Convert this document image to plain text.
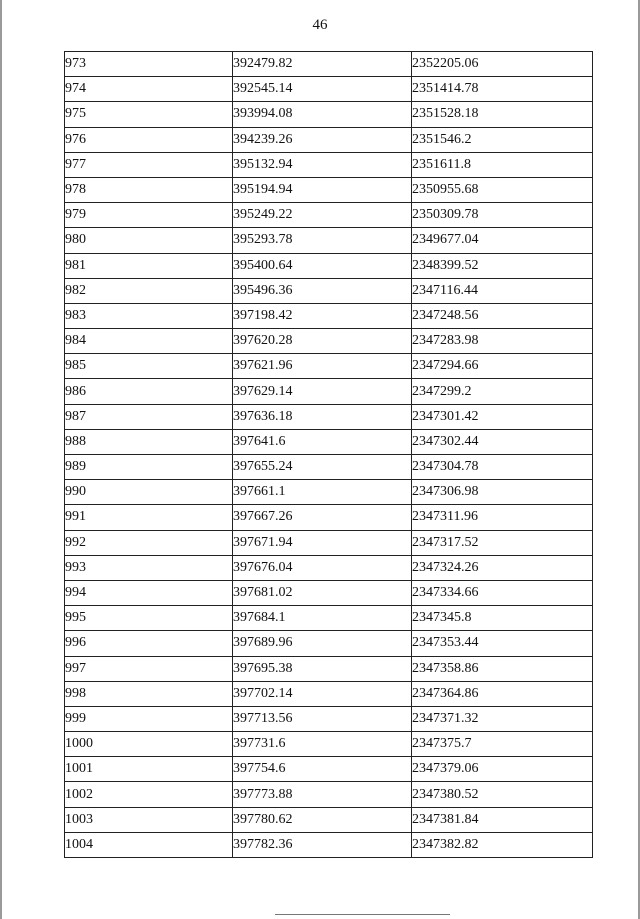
46
973	392479.82	2352205.06
974	392545.14	2351414.78
975	393994.08	2351528.18
976	394239.26	2351546.2
977	395132.94	2351611.8
978	395194.94	2350955.68
979	395249.22	2350309.78
980	395293.78	2349677.04
981	395400.64	2348399.52
982	395496.36	2347116.44
983	397198.42	2347248.56
984	397620.28	2347283.98
985	397621.96	2347294.66
986	397629.14	2347299.2
987	397636.18	2347301.42
988	397641.6	2347302.44
989	397655.24	2347304.78
990	397661.1	2347306.98
991	397667.26	2347311.96
992	397671.94	2347317.52
993	397676.04	2347324.26
994	397681.02	2347334.66
995	397684.1	2347345.8
996	397689.96	2347353.44
997	397695.38	2347358.86
998	397702.14	2347364.86
999	397713.56	2347371.32
1000	397731.6	2347375.7
1001	397754.6	2347379.06
1002	397773.88	2347380.52
1003	397780.62	2347381.84
1004	397782.36	2347382.82
